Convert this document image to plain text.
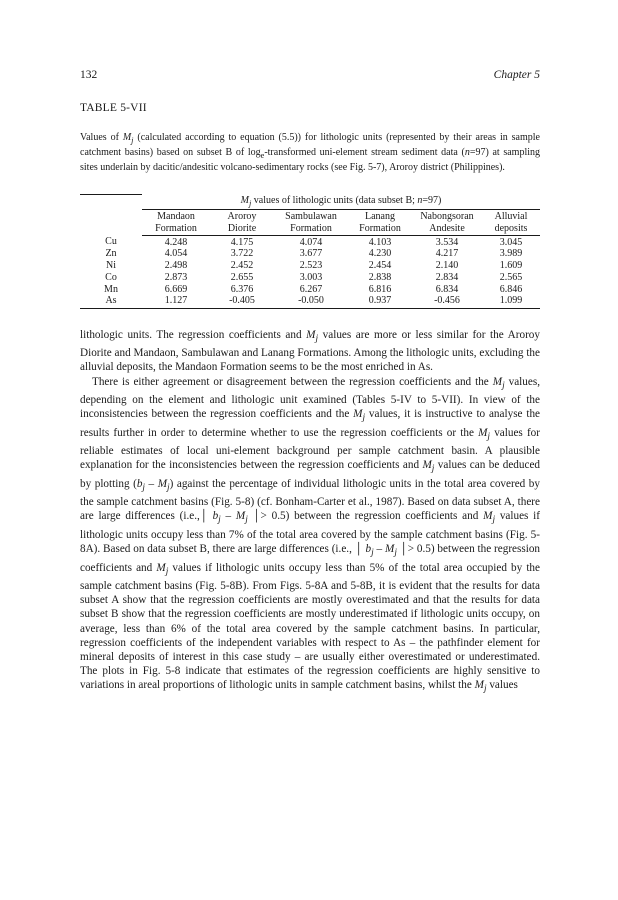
132	Chapter 5
TABLE 5-VII
Values of $M_j$ (calculated according to equation (5.5)) for lithologic units (represented by their areas in sample catchment basins) based on subset B of $\log_e$-transformed uni-element stream sediment data (n=97) at sampling sites underlain by dacitic/andesitic volcano-sedimentary rocks (see Fig. 5-7), Aroroy district (Philippines).
	$M_j$ values of lithologic units (data subset B; n=97)					
	Mandaon	Aroroy	Sambulawan	Lanang	Nabongsoran	Alluvial
	Formation	Diorite	Formation	Formation	Andesite	deposits
Cu	4.248	4.175	4.074	4.103	3.534	3.045
Zn	4.054	3.722	3.677	4.230	4.217	3.989
Ni	2.498	2.452	2.523	2.454	2.140	1.609
Co	2.873	2.655	3.003	2.838	2.834	2.565
Mn	6.669	6.376	6.267	6.816	6.834	6.846
As	1.127	-0.405	-0.050	0.937	-0.456	1.099

lithologic units. The regression coefficients and $M_j$ values are more or less similar for the Aroroy Diorite and Mandaon, Sambulawan and Lanang Formations. Among the lithologic units, excluding the alluvial deposits, the Mandaon Formation seems to be the most enriched in As.

There is either agreement or disagreement between the regression coefficients and the $M_j$ values, depending on the element and lithologic unit examined (Tables 5-IV to 5-VII). In view of the inconsistencies between the regression coefficients and the $M_j$ values, it is instructive to analyse the results further in order to determine whether to use the regression coefficients or the $M_j$ values for reliable estimates of local uni-element background per sample catchment basin. A plausible explanation for the inconsistencies between the regression coefficients and $M_j$ values can be deduced by plotting $(b_j - M_j)$ against the percentage of individual lithologic units in the total area covered by the sample catchment basins (Fig. 5-8) (cf. Bonham-Carter et al., 1987). Based on data subset A, there are large differences (i.e.,│ $b_j - M_j$ │> 0.5) between the regression coefficients and $M_j$ values if lithologic units occupy less than 7% of the total area covered by the sample catchment basins (Fig. 5-8A). Based on data subset B, there are large differences (i.e., │ $b_j - M_j$ │> 0.5) between the regression coefficients and $M_j$ values if lithologic units occupy less than 5% of the total area occupied by the sample catchment basins (Fig. 5-8B). From Figs. 5-8A and 5-8B, it is evident that the results for data subset A show that the regression coefficients are mostly overestimated and that the results for data subset B show that the regression coefficients are mostly underestimated if lithologic units occupy, on average, less than 6% of the total area covered by the sample catchment basins. In particular, regression coefficients of the independent variables with respect to As – the pathfinder element for mineral deposits of interest in this case study – are usually either overestimated or underestimated. The plots in Fig. 5-8 indicate that estimates of the regression coefficients are highly sensitive to variations in areal proportions of lithologic units in sample catchment basins, whilst the $M_j$ values
